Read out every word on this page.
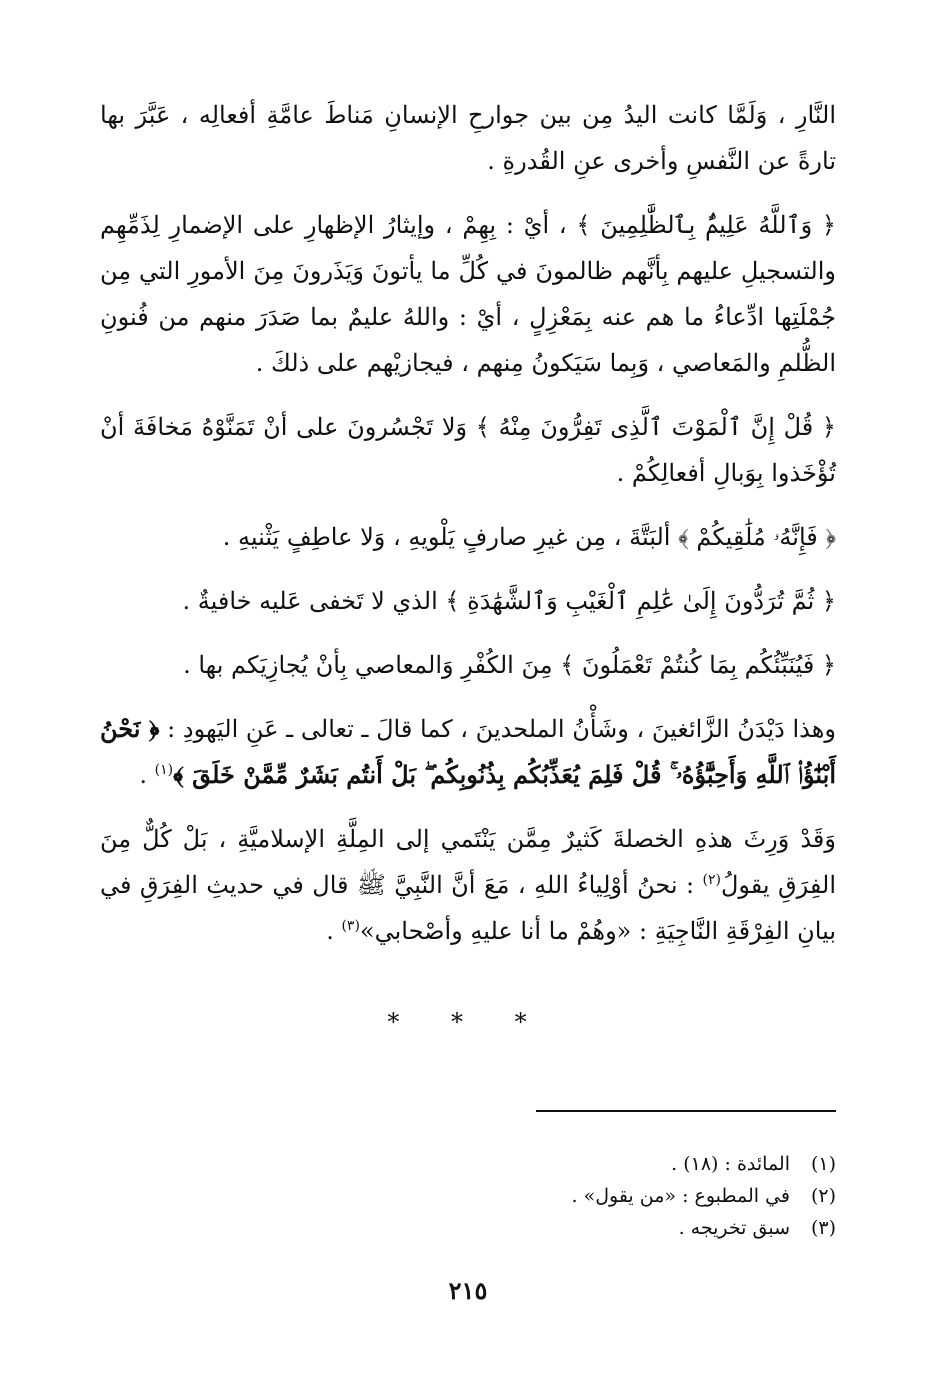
النَّارِ ، وَلَمَّا كانت اليدُ مِن بين جوارحِ الإنسانِ مَناطَ عامَّةِ أفعالِه ، عَبَّرَ بها تارةً عن النَّفسِ وأخرى عنِ القُدرةِ .

﴿ وَٱللَّهُ عَلِيمٌۢ بِٱلظَّٰلِمِينَ ﴾ ، أيْ : بِهِمْ ، وإيثارُ الإظهارِ على الإضمارِ لِذَمِّهِم والتسجيلِ عليهم بِأنَّهم ظالمونَ في كُلِّ ما يأتونَ وَيَذَرونَ مِنَ الأمورِ التي مِن جُمْلَتِها ادِّعاءُ ما هم عنه بِمَعْزِلٍ ، أيْ : واللهُ عليمٌ بما صَدَرَ منهم من فُنونِ الظُّلمِ والمَعاصي ، وَبِما سَيَكونُ مِنهم ، فيجازيْهم على ذلكَ .

﴿ قُلْ إِنَّ ٱلْمَوْتَ ٱلَّذِى تَفِرُّونَ مِنْهُ ﴾ وَلا تَجْسُرونَ على أنْ تَمَنَّوْهُ مَخافَةَ أنْ تُؤْخَذوا بِوَبالِ أفعالِكُمْ .

﴿ فَإِنَّهُۥ مُلَٰقِيكُمْ ﴾ ألبَتَّةَ ، مِن غيرِ صارفٍ يَلْويهِ ، وَلا عاطِفٍ يَثْنيهِ .

﴿ ثُمَّ تُرَدُّونَ إِلَىٰ عَٰلِمِ ٱلْغَيْبِ وَٱلشَّهَٰدَةِ ﴾ الذي لا تَخفى عَليه خافيةٌ .

﴿ فَيُنَبِّئُكُم بِمَا كُنتُمْ تَعْمَلُونَ ﴾ مِنَ الكُفْرِ وَالمعاصي بِأنْ يُجازِيَكم بها .

وهذا دَيْدَنُ الزَّائغينَ ، وشَأْنُ الملحدينَ ، كما قالَ ـ تعالى ـ عَنِ اليَهودِ : ﴿ نَحْنُ أَبْنَٰٓؤُا۟ ٱللَّهِ وَأَحِبَّٰٓؤُهُۥ ۚ قُلْ فَلِمَ يُعَذِّبُكُم بِذُنُوبِكُم ۖ بَلْ أَنتُم بَشَرٌ مِّمَّنْ خَلَقَ ﴾$^{(١)}$ .

وَقَدْ وَرِثَ هذهِ الخصلةَ كَثيرٌ مِمَّن يَنْتَمي إلى المِلَّةِ الإسلاميَّةِ ، بَلْ كُلٌّ مِنَ الفِرَقِ يقولُ$^{(٢)}$ : نحنُ أوْلِياءُ اللهِ ، مَعَ أنَّ النَّبِيَّ ﷺ قال في حديثِ الفِرَقِ في بيانِ الفِرْقَةِ النَّاجِيَةِ : «وهُمْ ما أنا عليهِ وأصْحابي»$^{(٣)}$ .

* * *
(١)
المائدة : (١٨) .
(٢)
في المطبوع : «من يقول» .
(٣)
سبق تخريجه .
٢١٥
